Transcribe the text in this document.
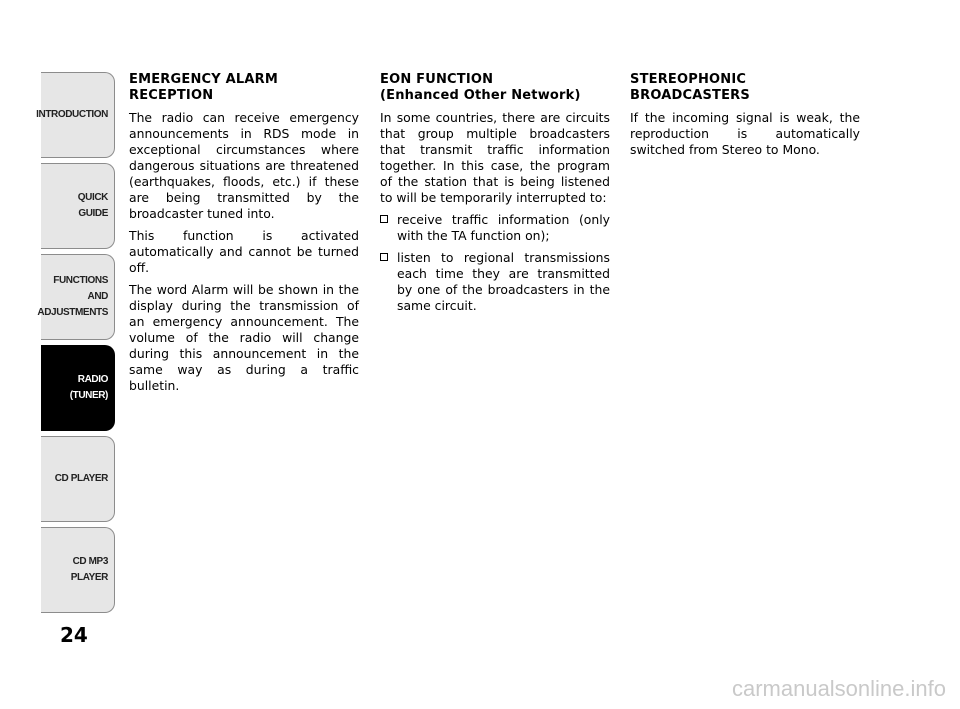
INTRODUCTION
QUICK
GUIDE
FUNCTIONS
AND
ADJUSTMENTS
RADIO
(TUNER)
CD PLAYER
CD MP3
PLAYER
24
EMERGENCY ALARM
RECEPTION

The radio can receive emergency announcements in RDS mode in exceptional circumstances where dangerous situations are threatened (earthquakes, floods, etc.) if these are being transmitted by the broadcaster tuned into.

This function is activated automatically and cannot be turned off.

The word Alarm will be shown in the display during the transmission of an emergency announcement. The volume of the radio will change during this announcement in the same way as during a traffic bulletin.

EON FUNCTION
(Enhanced Other Network)

In some countries, there are circuits that group multiple broadcasters that transmit traffic information together. In this case, the program of the station that is being listened to will be temporarily interrupted to:

receive traffic information (only with the TA function on);
listen to regional transmissions each time they are transmitted by one of the broadcasters in the same circuit.
STEREOPHONIC
BROADCASTERS

If the incoming signal is weak, the reproduction is automatically switched from Stereo to Mono.

carmanualsonline.info
